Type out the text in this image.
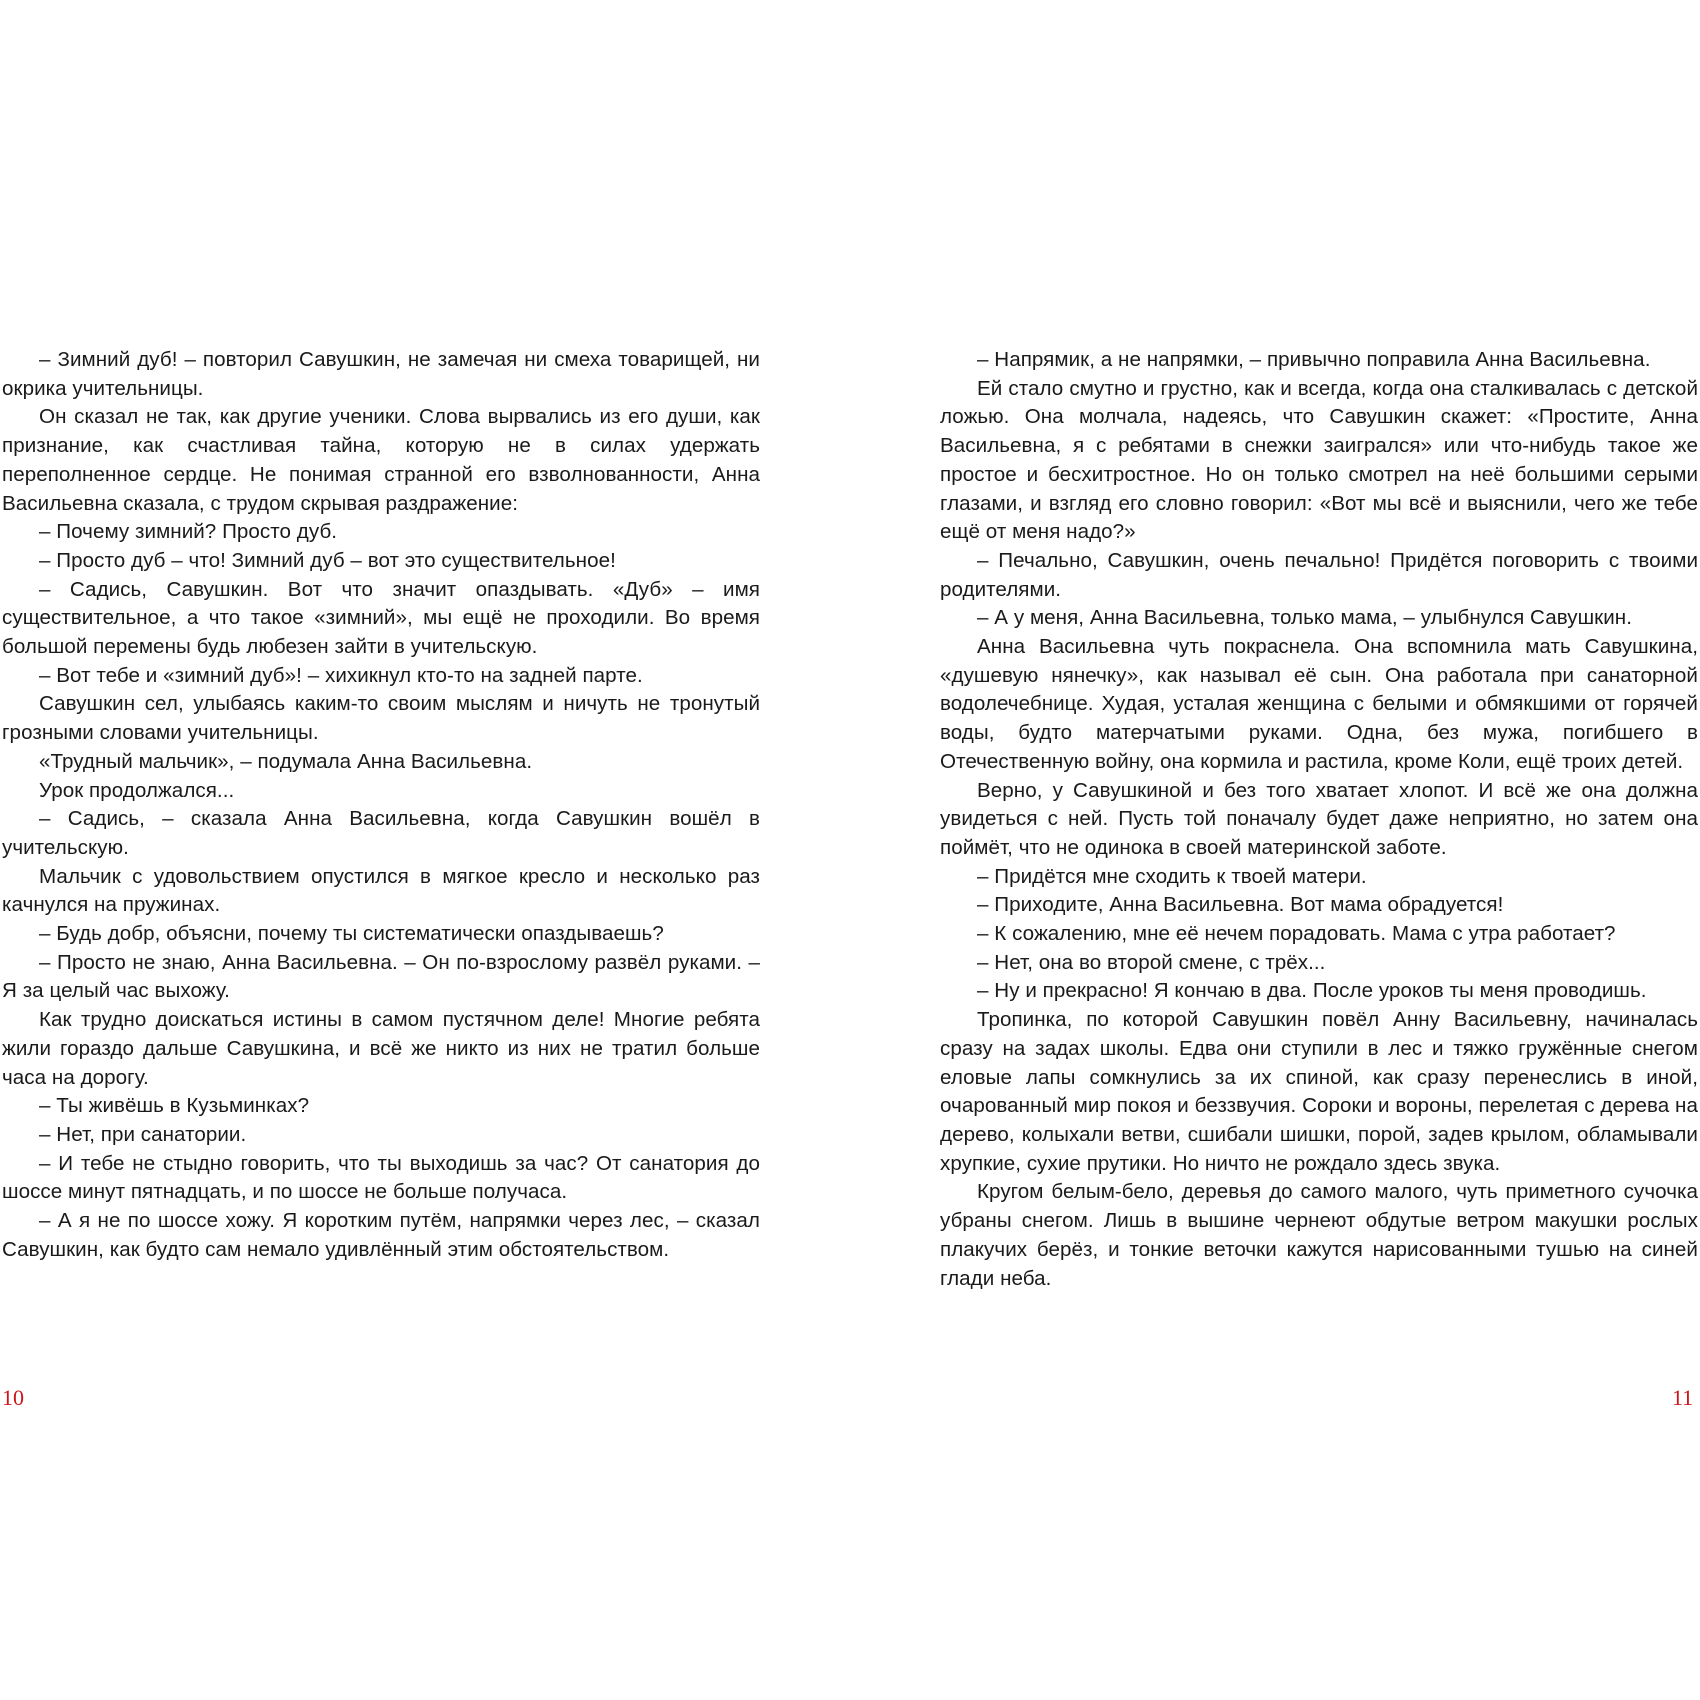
– Зимний дуб! – повторил Савушкин, не замечая ни смеха товарищей, ни окрика учительницы.

Он сказал не так, как другие ученики. Слова вырвались из его души, как признание, как счастливая тайна, которую не в силах удержать переполненное сердце. Не понимая странной его взволнованности, Анна Васильевна сказала, с трудом скрывая раздражение:

– Почему зимний? Просто дуб.

– Просто дуб – что! Зимний дуб – вот это существительное!

– Садись, Савушкин. Вот что значит опаздывать. «Дуб» – имя существительное, а что такое «зимний», мы ещё не проходили. Во время большой перемены будь любезен зайти в учительскую.

– Вот тебе и «зимний дуб»! – хихикнул кто-то на задней парте.

Савушкин сел, улыбаясь каким-то своим мыслям и ничуть не тронутый грозными словами учительницы.

«Трудный мальчик», – подумала Анна Васильевна.

Урок продолжался...

– Садись, – сказала Анна Васильевна, когда Савушкин вошёл в учительскую.

Мальчик с удовольствием опустился в мягкое кресло и несколько раз качнулся на пружинах.

– Будь добр, объясни, почему ты систематически опаздываешь?

– Просто не знаю, Анна Васильевна. – Он по-взрослому развёл руками. – Я за целый час выхожу.

Как трудно доискаться истины в самом пустячном деле! Многие ребята жили гораздо дальше Савушкина, и всё же никто из них не тратил больше часа на дорогу.

– Ты живёшь в Кузьминках?

– Нет, при санатории.

– И тебе не стыдно говорить, что ты выходишь за час? От санатория до шоссе минут пятнадцать, и по шоссе не больше получаса.

– А я не по шоссе хожу. Я коротким путём, напрямки через лес, – сказал Савушкин, как будто сам немало удивлённый этим обстоятельством.

– Напрямик, а не напрямки, – привычно поправила Анна Васильевна.

Ей стало смутно и грустно, как и всегда, когда она сталкивалась с детской ложью. Она молчала, надеясь, что Савушкин скажет: «Простите, Анна Васильевна, я с ребятами в снежки заигрался» или что-нибудь такое же простое и бесхитростное. Но он только смотрел на неё большими серыми глазами, и взгляд его словно говорил: «Вот мы всё и выяснили, чего же тебе ещё от меня надо?»

– Печально, Савушкин, очень печально! Придётся поговорить с твоими родителями.

– А у меня, Анна Васильевна, только мама, – улыбнулся Савушкин.

Анна Васильевна чуть покраснела. Она вспомнила мать Савушкина, «душевую нянечку», как называл её сын. Она работала при санаторной водолечебнице. Худая, усталая женщина с белыми и обмякшими от горячей воды, будто матерчатыми руками. Одна, без мужа, погибшего в Отечественную войну, она кормила и растила, кроме Коли, ещё троих детей.

Верно, у Савушкиной и без того хватает хлопот. И всё же она должна увидеться с ней. Пусть той поначалу будет даже неприятно, но затем она поймёт, что не одинока в своей материнской заботе.

– Придётся мне сходить к твоей матери.

– Приходите, Анна Васильевна. Вот мама обрадуется!

– К сожалению, мне её нечем порадовать. Мама с утра работает?

– Нет, она во второй смене, с трёх...

– Ну и прекрасно! Я кончаю в два. После уроков ты меня проводишь.

Тропинка, по которой Савушкин повёл Анну Васильевну, начиналась сразу на задах школы. Едва они ступили в лес и тяжко гружённые снегом еловые лапы сомкнулись за их спиной, как сразу перенеслись в иной, очарованный мир покоя и беззвучия. Сороки и вороны, перелетая с дерева на дерево, колыхали ветви, сшибали шишки, порой, задев крылом, обламывали хрупкие, сухие прутики. Но ничто не рождало здесь звука.

Кругом белым-бело, деревья до самого малого, чуть приметного сучочка убраны снегом. Лишь в вышине чернеют обдутые ветром макушки рослых плакучих берёз, и тонкие веточки кажутся нарисованными тушью на синей глади неба.

10	11
